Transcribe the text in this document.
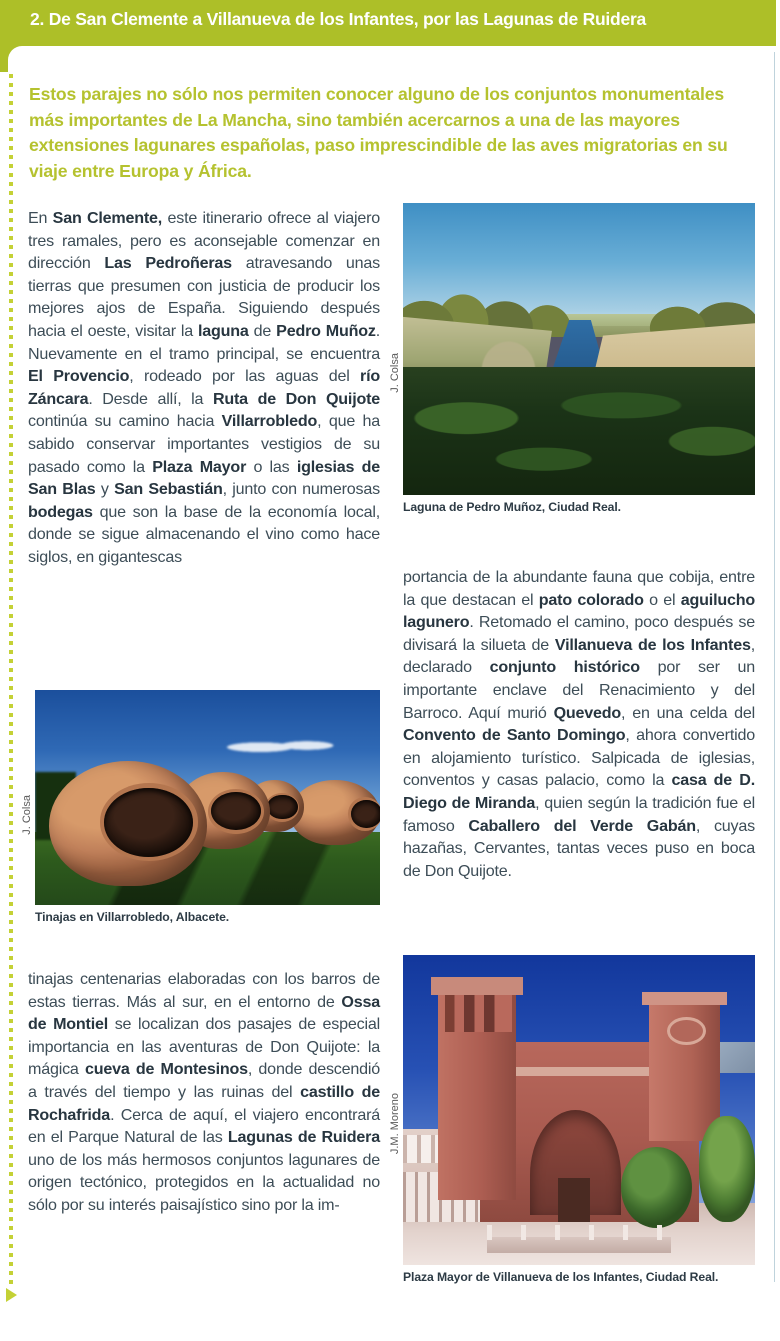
2. De San Clemente a Villanueva de los Infantes, por las Lagunas de Ruidera
Estos parajes no sólo nos permiten conocer alguno de los conjuntos monumentales más importantes de La Mancha, sino también acercarnos a una de las mayores extensiones lagunares españolas, paso imprescindible de las aves migratorias en su viaje entre Europa y África.
En San Clemente, este itinerario ofrece al viajero tres ramales, pero es aconsejable comenzar en dirección Las Pedroñeras atravesando unas tierras que presumen con justicia de producir los mejores ajos de España. Siguiendo después hacia el oeste, visitar la laguna de Pedro Muñoz. Nuevamente en el tramo principal, se encuentra El Provencio, rodeado por las aguas del río Záncara. Desde allí, la Ruta de Don Quijote continúa su camino hacia Villarrobledo, que ha sabido conservar importantes vestigios de su pasado como la Plaza Mayor o las iglesias de San Blas y San Sebastián, junto con numerosas bodegas que son la base de la economía local, donde se sigue almacenando el vino como hace siglos, en gigantescas
portancia de la abundante fauna que cobija, entre la que destacan el pato colorado o el aguilucho lagunero. Retomado el camino, poco después se divisará la silueta de Villanueva de los Infantes, declarado conjunto histórico por ser un importante enclave del Renacimiento y del Barroco. Aquí murió Quevedo, en una celda del Convento de Santo Domingo, ahora convertido en alojamiento turístico. Salpicada de iglesias, conventos y casas palacio, como la casa de D. Diego de Miranda, quien según la tradición fue el famoso Caballero del Verde Gabán, cuyas hazañas, Cervantes, tantas veces puso en boca de Don Quijote.
tinajas centenarias elaboradas con los barros de estas tierras. Más al sur, en el entorno de Ossa de Montiel se localizan dos pasajes de especial importancia en las aventuras de Don Quijote: la mágica cueva de Montesinos, donde descendió a través del tiempo y las ruinas del castillo de Rochafrida. Cerca de aquí, el viajero encontrará en el Parque Natural de las Lagunas de Ruidera uno de los más hermosos conjuntos lagunares de origen tectónico, protegidos en la actualidad no sólo por su interés paisajístico sino por la im-
J. Colsa
Laguna de Pedro Muñoz, Ciudad Real.
J. Colsa
Tinajas en Villarrobledo, Albacete.
J.M. Moreno
Plaza Mayor de Villanueva de los Infantes, Ciudad Real.
